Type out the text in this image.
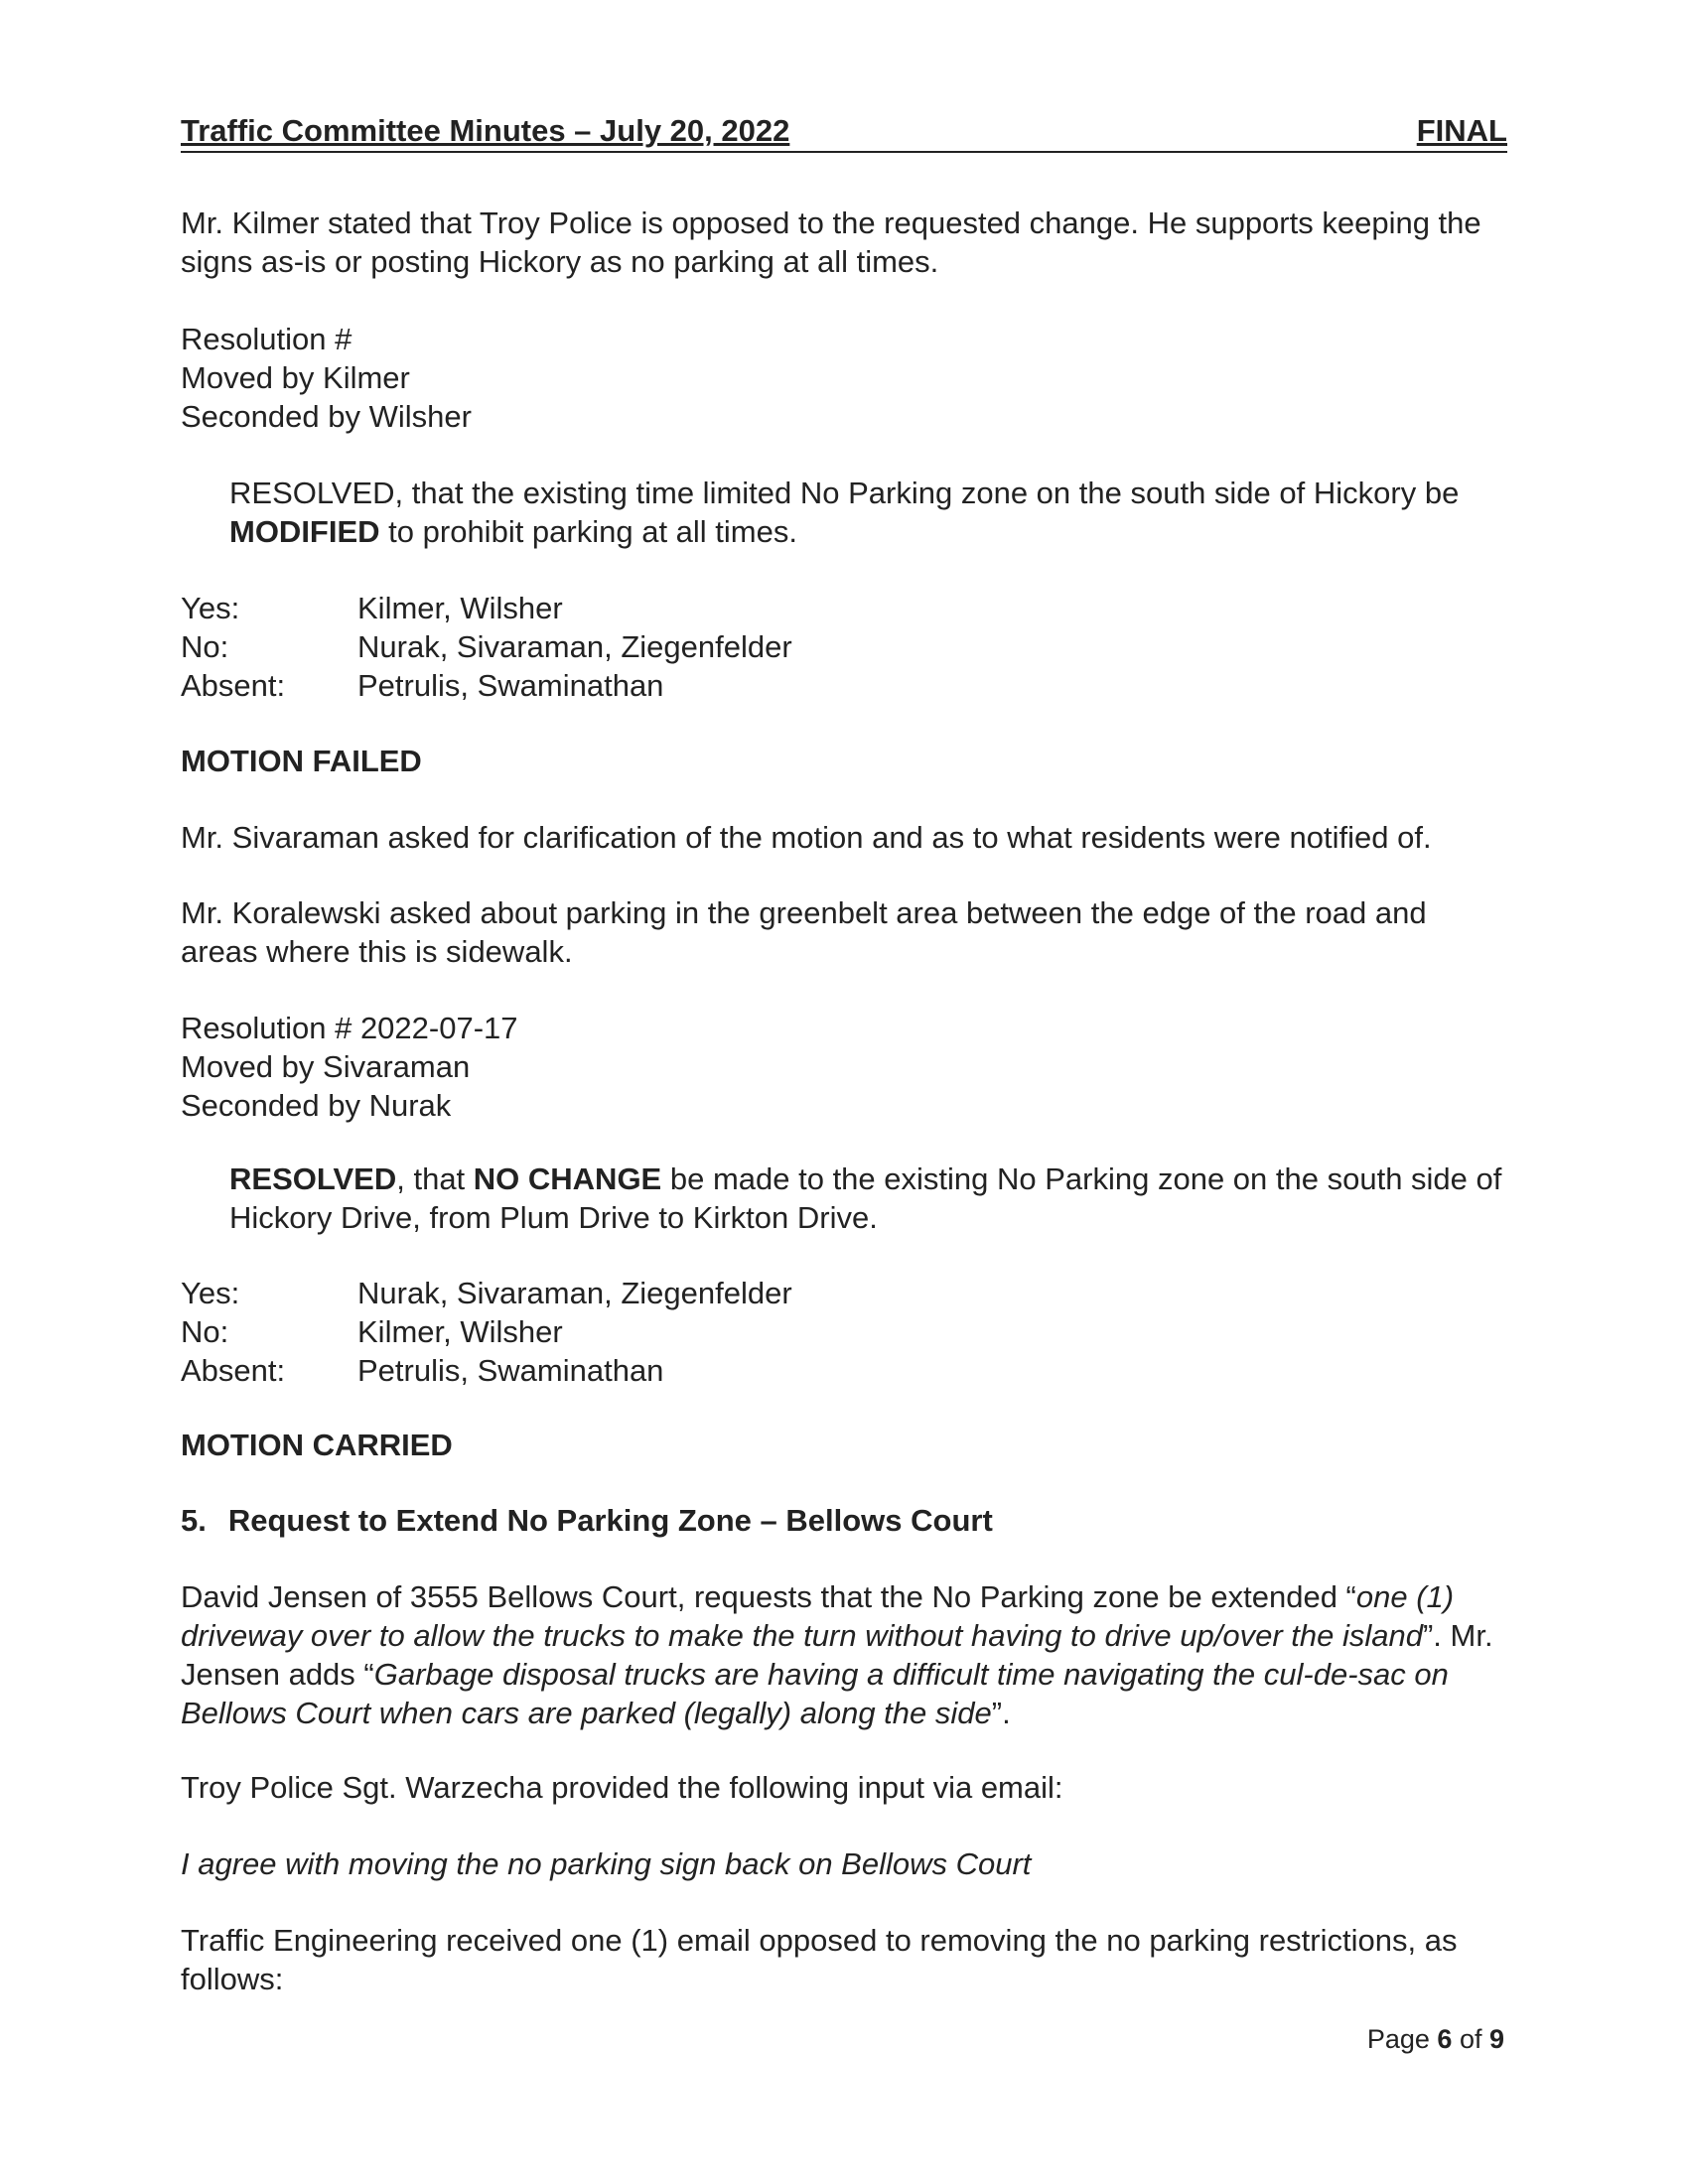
Traffic Committee Minutes – July 20, 2022	FINAL

Mr. Kilmer stated that Troy Police is opposed to the requested change. He supports keeping the signs as-is or posting Hickory as no parking at all times.

Resolution #
Moved by Kilmer
Seconded by Wilsher

RESOLVED, that the existing time limited No Parking zone on the south side of Hickory be MODIFIED to prohibit parking at all times.

Yes:	Kilmer, Wilsher
No:	Nurak, Sivaraman, Ziegenfelder
Absent: Petrulis, Swaminathan
MOTION FAILED

Mr. Sivaraman asked for clarification of the motion and as to what residents were notified of.

Mr. Koralewski asked about parking in the greenbelt area between the edge of the road and areas where this is sidewalk.

Resolution # 2022-07-17
Moved by Sivaraman
Seconded by Nurak

RESOLVED, that NO CHANGE be made to the existing No Parking zone on the south side of Hickory Drive, from Plum Drive to Kirkton Drive.

Yes:	Nurak, Sivaraman, Ziegenfelder
No:	Kilmer, Wilsher
Absent: Petrulis, Swaminathan
MOTION CARRIED
5. Request to Extend No Parking Zone – Bellows Court

David Jensen of 3555 Bellows Court, requests that the No Parking zone be extended “one (1) driveway over to allow the trucks to make the turn without having to drive up/over the island”. Mr. Jensen adds “Garbage disposal trucks are having a difficult time navigating the cul-de-sac on Bellows Court when cars are parked (legally) along the side”.

Troy Police Sgt. Warzecha provided the following input via email:

I agree with moving the no parking sign back on Bellows Court

Traffic Engineering received one (1) email opposed to removing the no parking restrictions, as follows:

Page 6 of 9
